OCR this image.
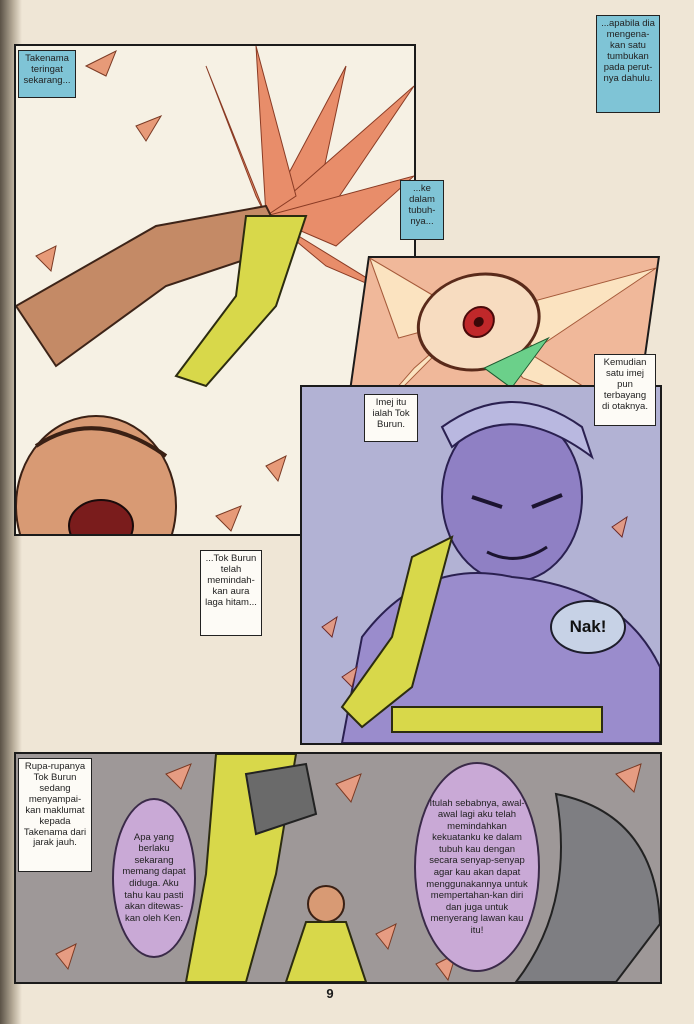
Takenama teringat sekarang...
...apabila dia mengena-kan satu tumbukan pada perut-nya dahulu.
...ke dalam tubuh-nya...
Kemudian satu imej pun terbayang di otaknya.
Imej itu ialah Tok Burun.
...Tok Burun telah memindah-kan aura laga hitam...
Rupa-rupanya Tok Burun sedang menyampai-kan maklumat kepada Takenama dari jarak jauh.
Apa yang berlaku sekarang memang dapat diduga. Aku tahu kau pasti akan ditewas-kan oleh Ken.
Itulah sebabnya, awal-awal lagi aku telah memindahkan kekuatanku ke dalam tubuh kau dengan secara senyap-senyap agar kau akan dapat menggunakannya untuk mempertahan-kan diri dan juga untuk menyerang lawan kau itu!
Nak!
9
